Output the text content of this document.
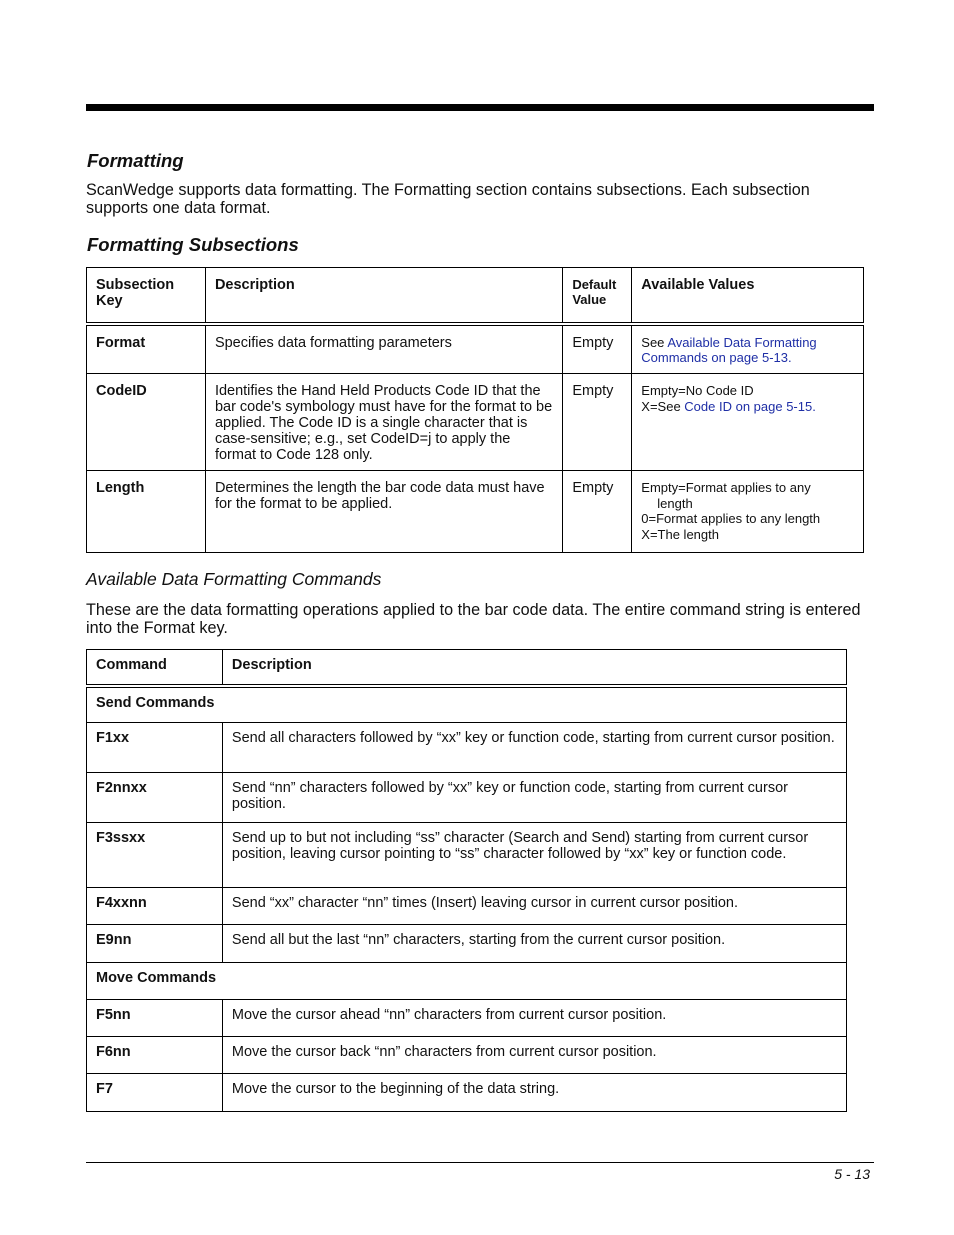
Formatting

ScanWedge supports data formatting. The Formatting section contains subsections. Each subsection supports one data format.

Formatting Subsections
Subsection Key	Description	Default Value	Available Values
Format	Specifies data formatting parameters	Empty	See Available Data Formatting Commands on page 5-13.
CodeID	Identifies the Hand Held Products Code ID that the bar code's symbology must have for the format to be applied. The Code ID is a single character that is case-sensitive; e.g., set CodeID=j to apply the format to Code 128 only.	Empty	Empty=No Code ID
X=See Code ID on page 5-15.

Length	Determines the length the bar code data must have for the format to be applied.	Empty	Empty=Format applies to any
length
0=Format applies to any length
X=The length
Available Data Formatting Commands

These are the data formatting operations applied to the bar code data. The entire command string is entered into the Format key.

Command	Description
Send Commands	
F1xx	Send all characters followed by “xx” key or function code, starting from current cursor position.
F2nnxx	Send “nn” characters followed by “xx” key or function code, starting from current cursor position.
F3ssxx	Send up to but not including “ss” character (Search and Send) starting from current cursor position, leaving cursor pointing to “ss” character followed by “xx” key or function code.
F4xxnn	Send “xx” character “nn” times (Insert) leaving cursor in current cursor position.
E9nn	Send all but the last “nn” characters, starting from the current cursor position.
Move Commands	
F5nn	Move the cursor ahead “nn” characters from current cursor position.
F6nn	Move the cursor back “nn” characters from current cursor position.
F7	Move the cursor to the beginning of the data string.
5 - 13
